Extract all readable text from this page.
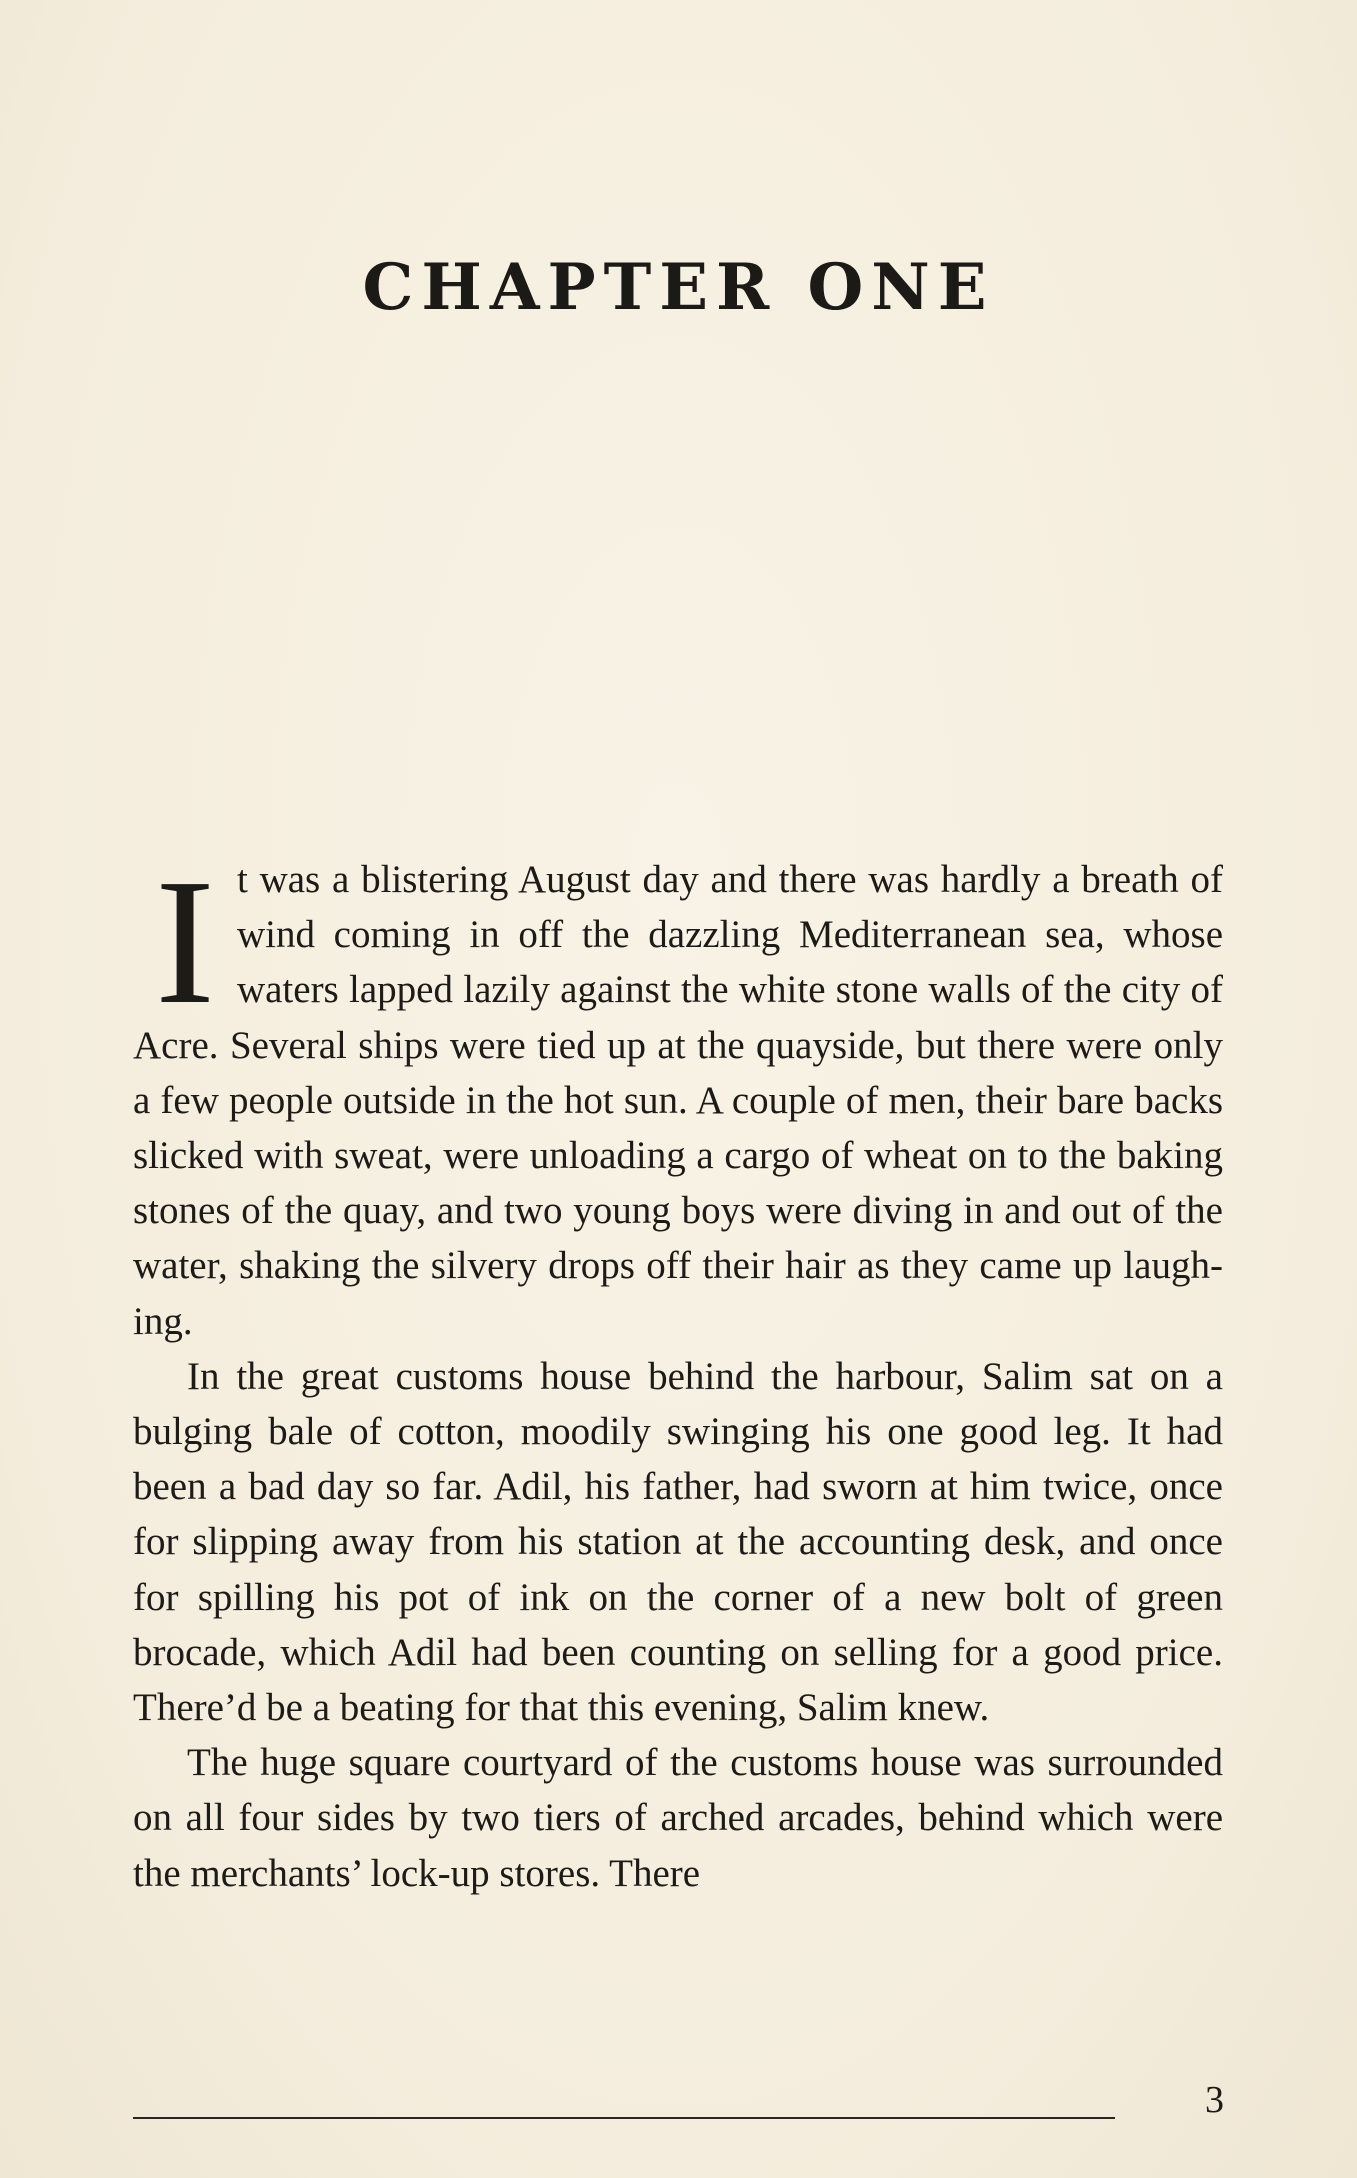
CHAPTER ONE

It was a blistering August day and there was hardly a breath of wind coming in off the dazzling Mediterranean sea, whose waters lapped lazily against the white stone walls of the city of Acre. Several ships were tied up at the quayside, but there were only a few people outside in the hot sun. A couple of men, their bare backs slicked with sweat, were unloading a cargo of wheat on to the baking stones of the quay, and two young boys were diving in and out of the water, shaking the silvery drops off their hair as they came up laughing.

In the great customs house behind the harbour, Salim sat on a bulging bale of cotton, moodily swinging his one good leg. It had been a bad day so far. Adil, his father, had sworn at him twice, once for slipping away from his station at the accounting desk, and once for spilling his pot of ink on the corner of a new bolt of green brocade, which Adil had been counting on selling for a good price. There’d be a beating for that this evening, Salim knew.

The huge square courtyard of the customs house was surrounded on all four sides by two tiers of arched arcades, behind which were the merchants’ lock-up stores. There

3
